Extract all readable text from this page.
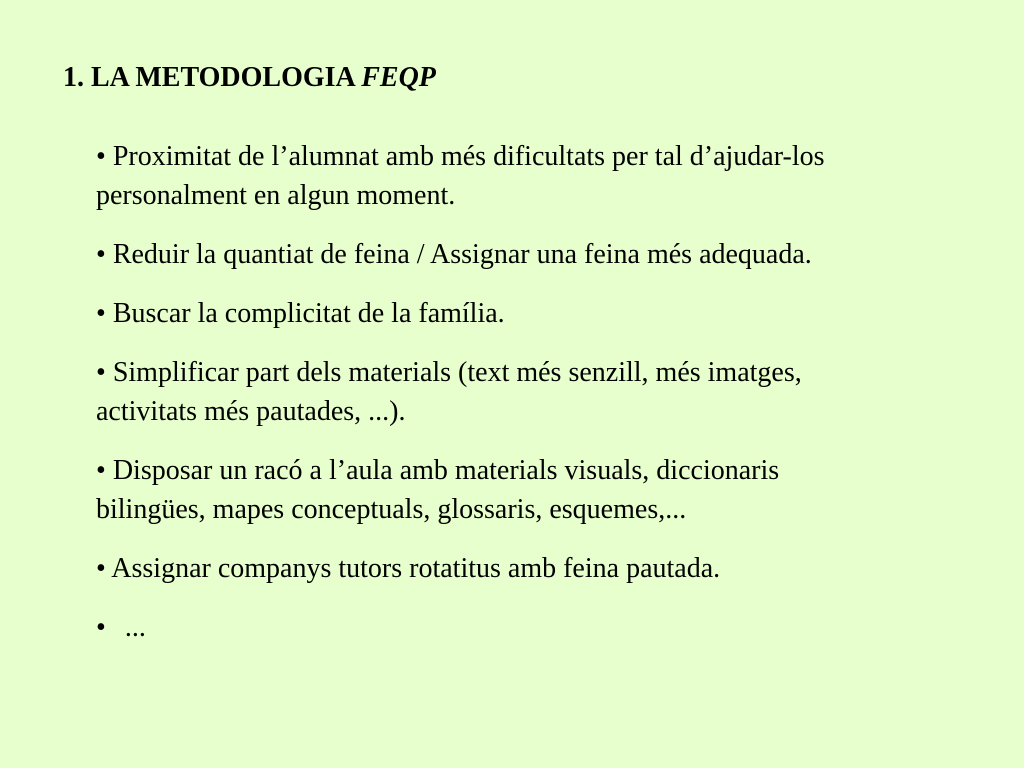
1. LA METODOLOGIA FEQP
• Proximitat de l’alumnat amb més dificultats per tal d’ajudar-los personalment en algun moment.
• Reduir la quantiat de feina / Assignar una feina més adequada.
• Buscar la complicitat de la família.
• Simplificar part dels materials (text més senzill, més imatges, activitats més pautades, ...).
• Disposar un racó a l’aula amb materials visuals, diccionaris bilingües, mapes conceptuals, glossaris, esquemes,...
• Assignar companys tutors rotatitus amb feina pautada.
• ...
